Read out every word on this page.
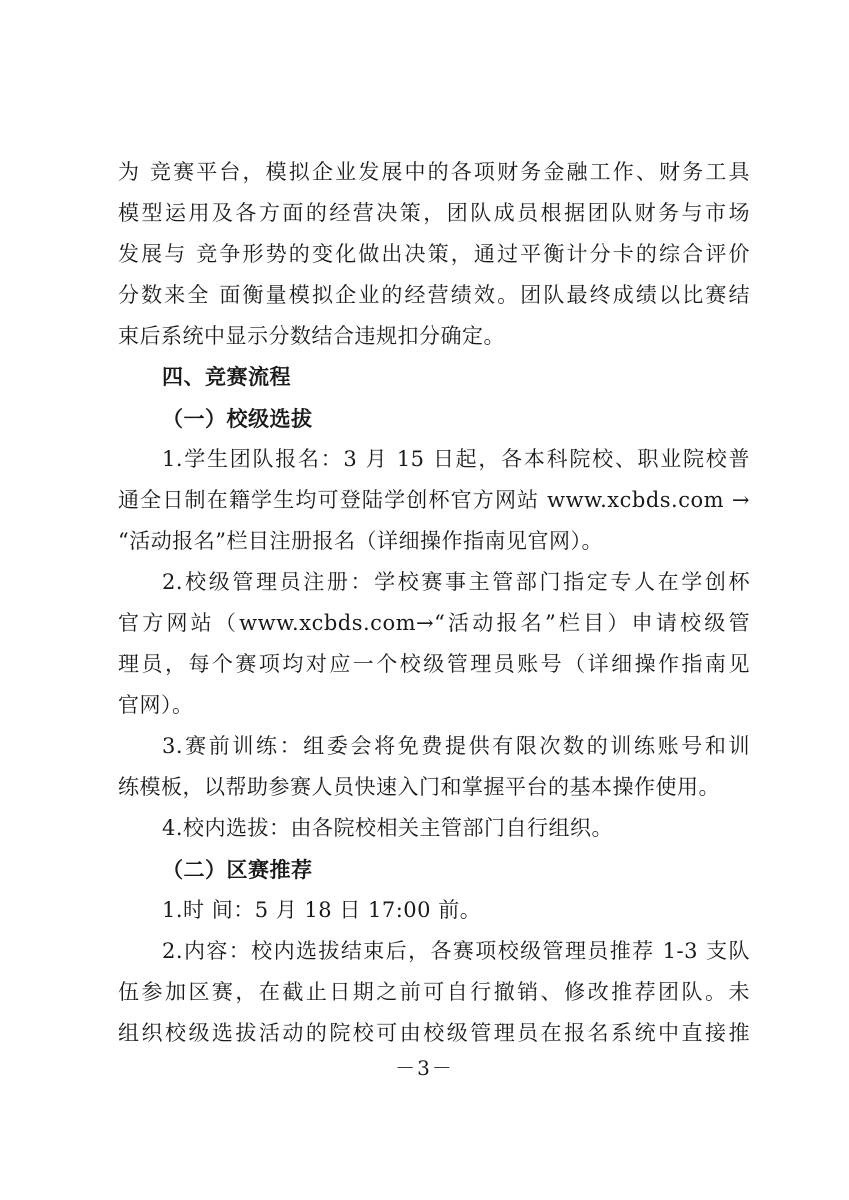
为 竞赛平台，模拟企业发展中的各项财务金融工作、财务工具
模型运用及各方面的经营决策，团队成员根据团队财务与市场
发展与 竞争形势的变化做出决策，通过平衡计分卡的综合评价
分数来全 面衡量模拟企业的经营绩效。团队最终成绩以比赛结
束后系统中显示分数结合违规扣分确定。
四、竞赛流程
（一）校级选拔
1.学生团队报名：3 月 15 日起，各本科院校、职业院校普
通全日制在籍学生均可登陆学创杯官方网站 www.xcbds.com →
“活动报名”栏目注册报名（详细操作指南见官网）。
2.校级管理员注册：学校赛事主管部门指定专人在学创杯
官方网站（www.xcbds.com→“活动报名”栏目）申请校级管
理员，每个赛项均对应一个校级管理员账号（详细操作指南见
官网）。
3.赛前训练：组委会将免费提供有限次数的训练账号和训
练模板，以帮助参赛人员快速入门和掌握平台的基本操作使用。
4.校内选拔：由各院校相关主管部门自行组织。
（二）区赛推荐
1.时 间：5 月 18 日 17:00 前。
2.内容：校内选拔结束后，各赛项校级管理员推荐 1-3 支队
伍参加区赛，在截止日期之前可自行撤销、修改推荐团队。未
组织校级选拔活动的院校可由校级管理员在报名系统中直接推
－3－
